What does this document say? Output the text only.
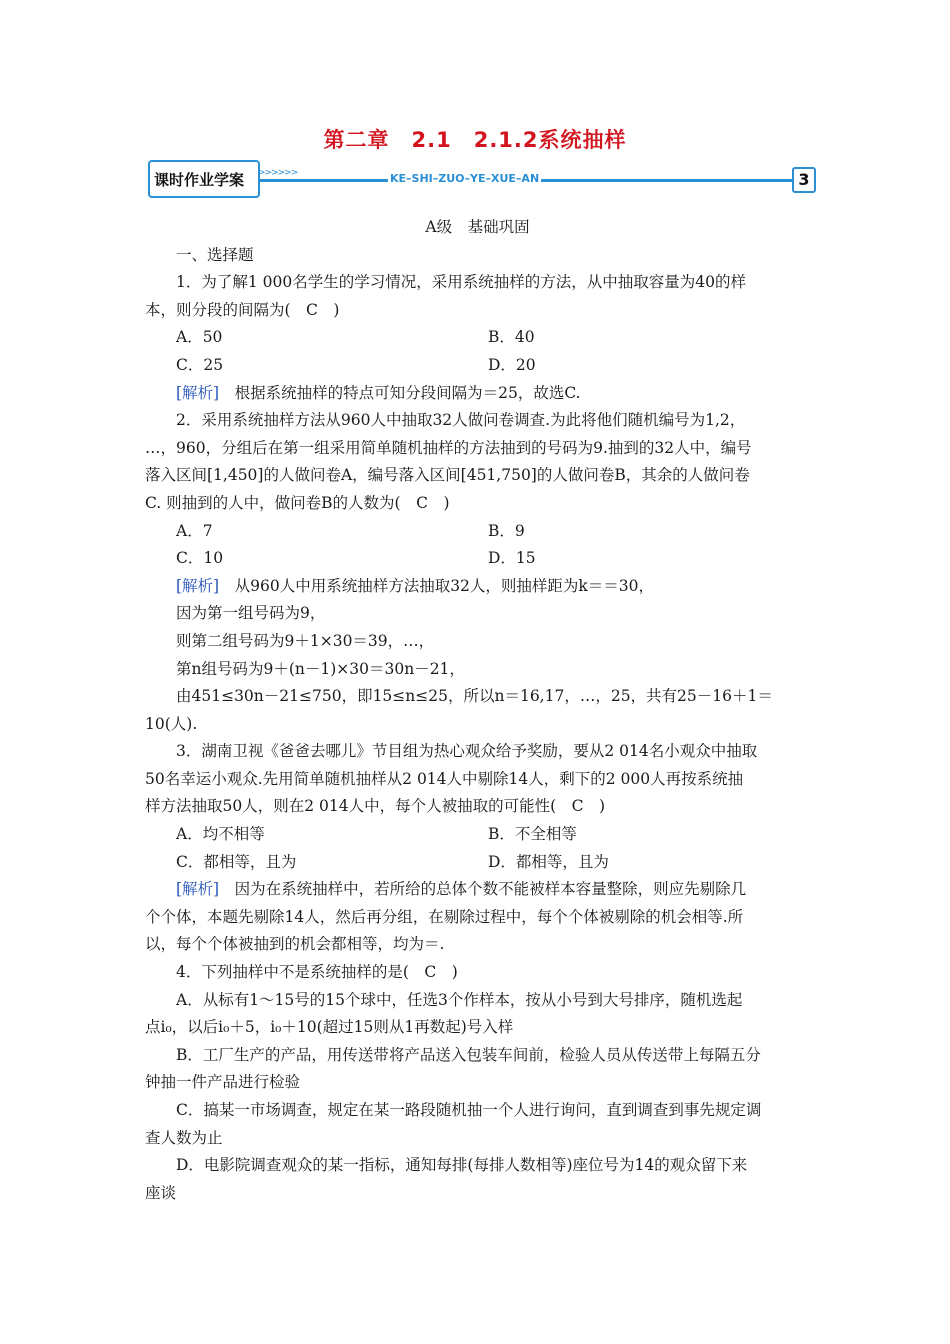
第二章　2.1　2.1.2系统抽样
课时作业学案 >>>>>>	KE–SHI–ZUO–YE–XUE–AN	3

A级　基础巩固

一、选择题

1．为了解1 000名学生的学习情况，采用系统抽样的方法，从中抽取容量为40的样

本，则分段的间隔为(　C　)

A．50	B．40
C．25	D．20

[解析]　根据系统抽样的特点可知分段间隔为＝25，故选C.

2．采用系统抽样方法从960人中抽取32人做问卷调查.为此将他们随机编号为1,2，

…，960，分组后在第一组采用简单随机抽样的方法抽到的号码为9.抽到的32人中，编号

落入区间[1,450]的人做问卷A，编号落入区间[451,750]的人做问卷B，其余的人做问卷

C. 则抽到的人中，做问卷B的人数为(　C　)

A．7	B．9
C．10	D．15

[解析]　从960人中用系统抽样方法抽取32人，则抽样距为k＝＝30，

因为第一组号码为9，

则第二组号码为9＋1×30＝39，…，

第n组号码为9＋(n－1)×30＝30n－21，

由451≤30n－21≤750，即15≤n≤25，所以n＝16,17，…，25，共有25－16＋1＝

10(人).

3．湖南卫视《爸爸去哪儿》节目组为热心观众给予奖励，要从2 014名小观众中抽取

50名幸运小观众.先用简单随机抽样从2 014人中剔除14人，剩下的2 000人再按系统抽

样方法抽取50人，则在2 014人中，每个人被抽取的可能性(　C　)

A．均不相等	B．不全相等
C．都相等，且为	D．都相等，且为

[解析]　因为在系统抽样中，若所给的总体个数不能被样本容量整除，则应先剔除几

个个体，本题先剔除14人，然后再分组，在剔除过程中，每个个体被剔除的机会相等.所

以，每个个体被抽到的机会都相等，均为＝.

4．下列抽样中不是系统抽样的是(　C　)

A．从标有1～15号的15个球中，任选3个作样本，按从小号到大号排序，随机选起

点i₀，以后i₀＋5，i₀＋10(超过15则从1再数起)号入样

B．工厂生产的产品，用传送带将产品送入包装车间前，检验人员从传送带上每隔五分

钟抽一件产品进行检验

C．搞某一市场调查，规定在某一路段随机抽一个人进行询问，直到调查到事先规定调

查人数为止

D．电影院调查观众的某一指标，通知每排(每排人数相等)座位号为14的观众留下来

座谈
